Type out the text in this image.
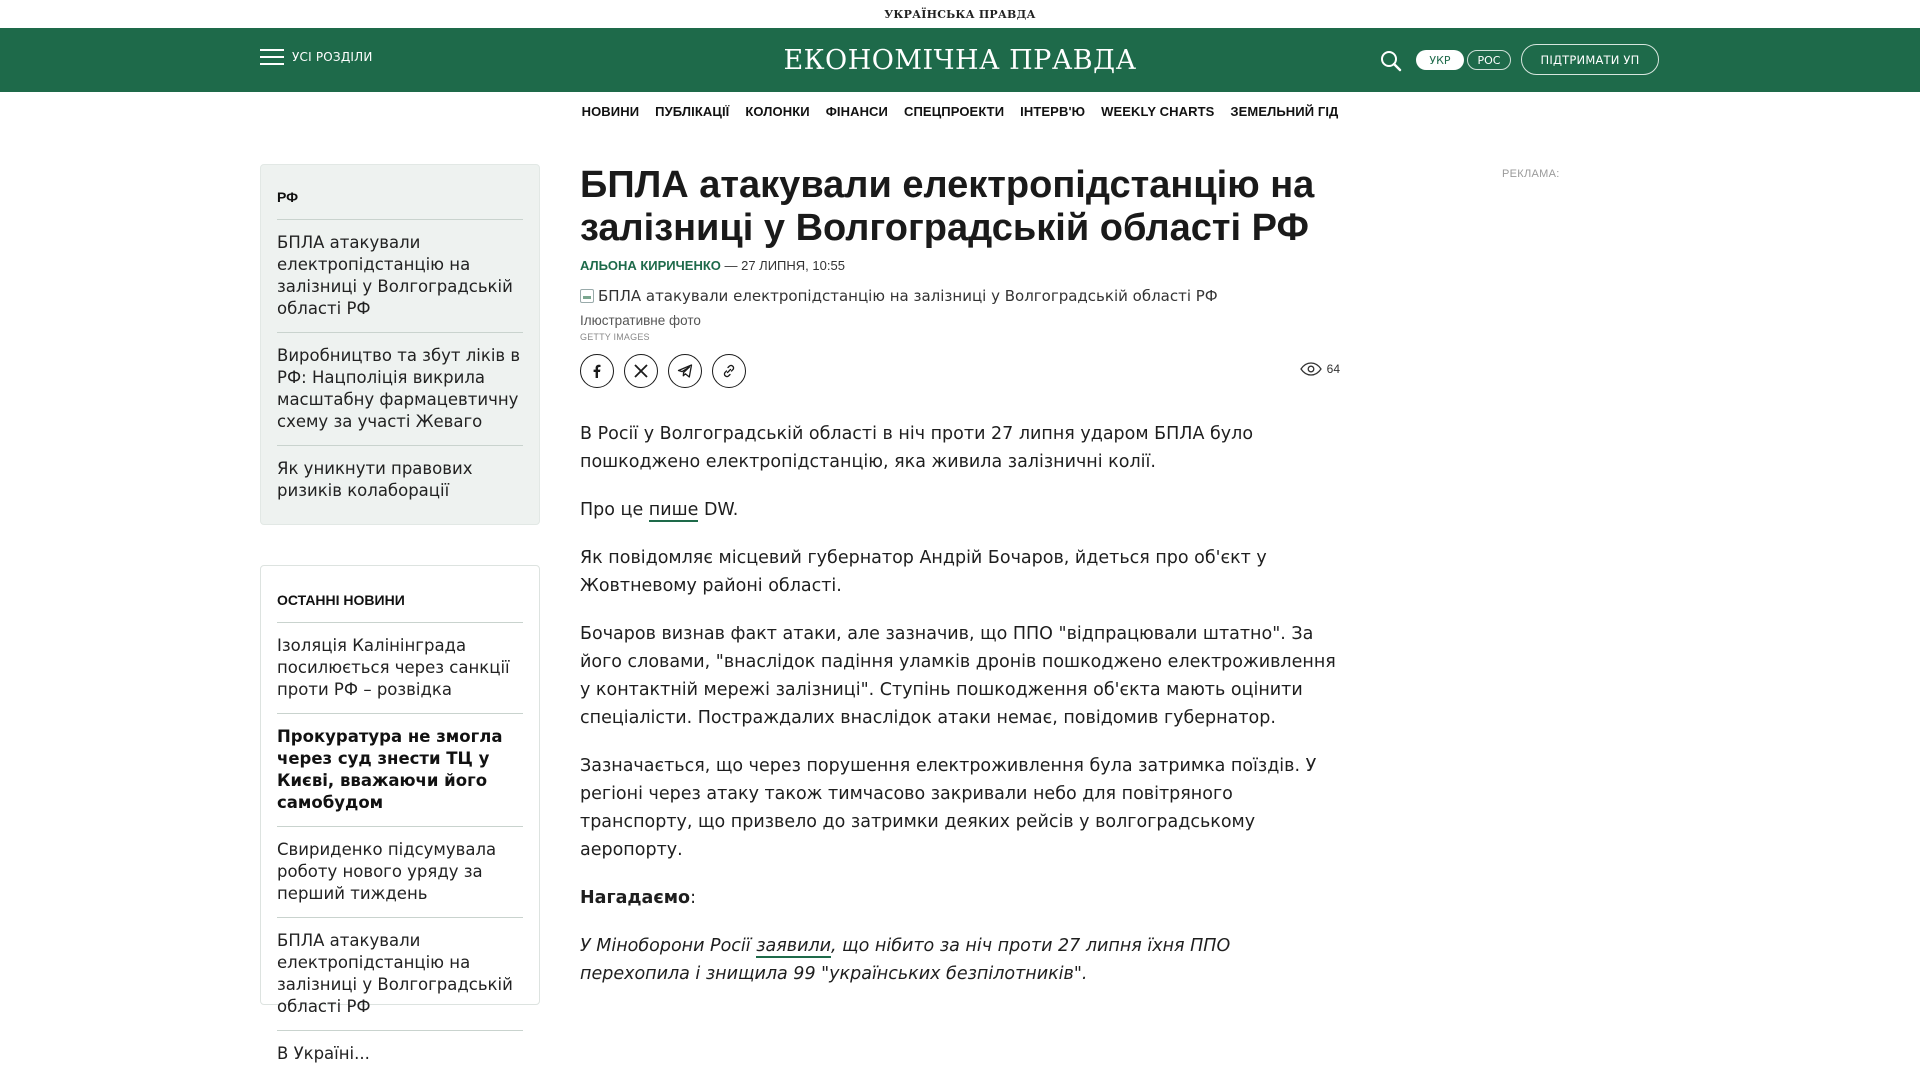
УКРАЇНСЬКА ПРАВДА
УСІ РОЗДІЛИ	ЕКОНОМІЧНА ПРАВДА	УКР	РОС	ПІДТРИМАТИ УП
НОВИНИ ПУБЛІКАЦІЇ КОЛОНКИ ФІНАНСИ СПЕЦПРОЕКТИ ІНТЕРВ'Ю WEEKLY CHARTS ЗЕМЕЛЬНИЙ ГІД
РФ
БПЛА атакували електропідстанцію на залізниці у Волгоградській області РФ
Виробництво та збут ліків в РФ: Нацполіція викрила масштабну фармацевтичну схему за участі Жеваго
Як уникнути правових ризиків колаборації
ОСТАННІ НОВИНИ
Ізоляція Калінінграда посилюється через санкції проти РФ – розвідка
Прокуратура не змогла через суд знести ТЦ у Києві, вважаючи його самобудом
Свириденко підсумувала роботу нового уряду за перший тиждень
БПЛА атакували електропідстанцію на залізниці у Волгоградській області РФ
В Україні...
БПЛА атакували електропідстанцію на залізниці у Волгоградській області РФ
АЛЬОНА КИРИЧЕНКО — 27 ЛИПНЯ, 10:55
БПЛА атакували електропідстанцію на залізниці у Волгоградській області РФ
Ілюстративне фото
GETTY IMAGES
64

В Росії у Волгоградській області в ніч проти 27 липня ударом БПЛА було пошкоджено електропідстанцію, яка живила залізничні колії.

Про це пише DW.

Як повідомляє місцевий губернатор Андрій Бочаров, йдеться про об'єкт у Жовтневому районі області.

Бочаров визнав факт атаки, але зазначив, що ППО "відпрацювали штатно". За його словами, "внаслідок падіння уламків дронів пошкоджено електроживлення у контактній мережі залізниці". Ступінь пошкодження об'єкта мають оцінити спеціалісти. Постраждалих внаслідок атаки немає, повідомив губернатор.

Зазначається, що через порушення електроживлення була затримка поїздів. У регіоні через атаку також тимчасово закривали небо для повітряного транспорту, що призвело до затримки деяких рейсів у волгоградському аеропорту.

Нагадаємо:

У Міноборони Росії заявили, що нібито за ніч проти 27 липня їхня ППО перехопила і знищила 99 "українських безпілотників".

РЕКЛАМА:
